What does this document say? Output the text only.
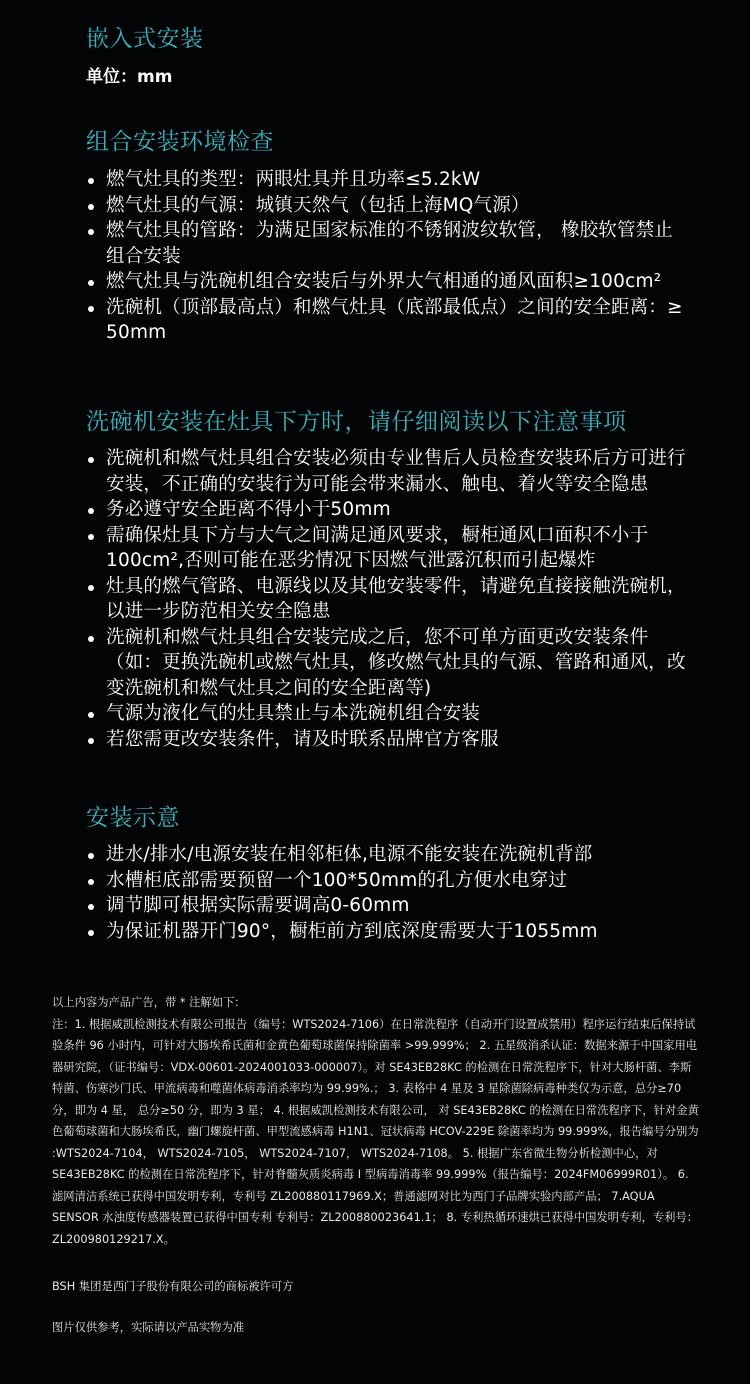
嵌入式安装
单位：mm
组合安装环境检查
燃气灶具的类型：两眼灶具并且功率≤5.2kW
燃气灶具的气源：城镇天然气（包括上海MQ气源）
燃气灶具的管路：为满足国家标准的不锈钢波纹软管， 橡胶软管禁止组合安装
燃气灶具与洗碗机组合安装后与外界大气相通的通风面积≥100cm²
洗碗机（顶部最高点）和燃气灶具（底部最低点）之间的安全距离：≥ 50mm
洗碗机安装在灶具下方时，请仔细阅读以下注意事项
洗碗机和燃气灶具组合安装必须由专业售后人员检查安装环后方可进行安装，不正确的安装行为可能会带来漏水、触电、着火等安全隐患
务必遵守安全距离不得小于50mm
需确保灶具下方与大气之间满足通风要求，橱柜通风口面积不小于100cm²,否则可能在恶劣情况下因燃气泄露沉积而引起爆炸
灶具的燃气管路、电源线以及其他安装零件，请避免直接接触洗碗机，以进一步防范相关安全隐患
洗碗机和燃气灶具组合安装完成之后，您不可单方面更改安装条件（如：更换洗碗机或燃气灶具，修改燃气灶具的气源、管路和通风，改变洗碗机和燃气灶具之间的安全距离等)
气源为液化气的灶具禁止与本洗碗机组合安装
若您需更改安装条件，请及时联系品牌官方客服
安装示意
进水/排水/电源安装在相邻柜体,电源不能安装在洗碗机背部
水槽柜底部需要预留一个100*50mm的孔方便水电穿过
调节脚可根据实际需要调高0-60mm
为保证机器开门90°，橱柜前方到底深度需要大于1055mm

以上内容为产品广告，带 * 注解如下：

注：1. 根据威凯检测技术有限公司报告（编号：WTS2024-7106）在日常洗程序（自动开门设置成禁用）程序运行结束后保持试验条件 96 小时内，可针对大肠埃希氏菌和金黄色葡萄球菌保持除菌率 >99.999%； 2. 五星级消杀认证：数据来源于中国家用电器研究院，（证书编号：VDX-00601-2024001033-000007）。对 SE43EB28KC 的检测在日常洗程序下，针对大肠杆菌、李斯特菌、伤寒沙门氏、甲流病毒和噬菌体病毒消杀率均为 99.99%.； 3. 表格中 4 星及 3 星除菌除病毒种类仅为示意，总分≥70 分，即为 4 星， 总分≥50 分，即为 3 星； 4. 根据威凯检测技术有限公司， 对 SE43EB28KC 的检测在日常洗程序下，针对金黄色葡萄球菌和大肠埃希氏，幽门螺旋杆菌、甲型流感病毒 H1N1、冠状病毒 HCOV-229E 除菌率均为 99.999%，报告编号分别为 :WTS2024-7104， WTS2024-7105， WTS2024-7107， WTS2024-7108。 5. 根据广东省微生物分析检测中心，对 SE43EB28KC 的检测在日常洗程序下，针对脊髓灰质炎病毒 I 型病毒消毒率 99.999%（报告编号：2024FM06999R01）。 6. 滤网清洁系统已获得中国发明专利，专利号 ZL200880117969.X；普通滤网对比为西门子品牌实验内部产品； 7.AQUA SENSOR 水浊度传感器装置已获得中国专利 专利号：ZL200880023641.1； 8. 专利热循环速烘已获得中国发明专利，专利号：ZL200980129217.X。

BSH 集团是西门子股份有限公司的商标被许可方
图片仅供参考，实际请以产品实物为准
